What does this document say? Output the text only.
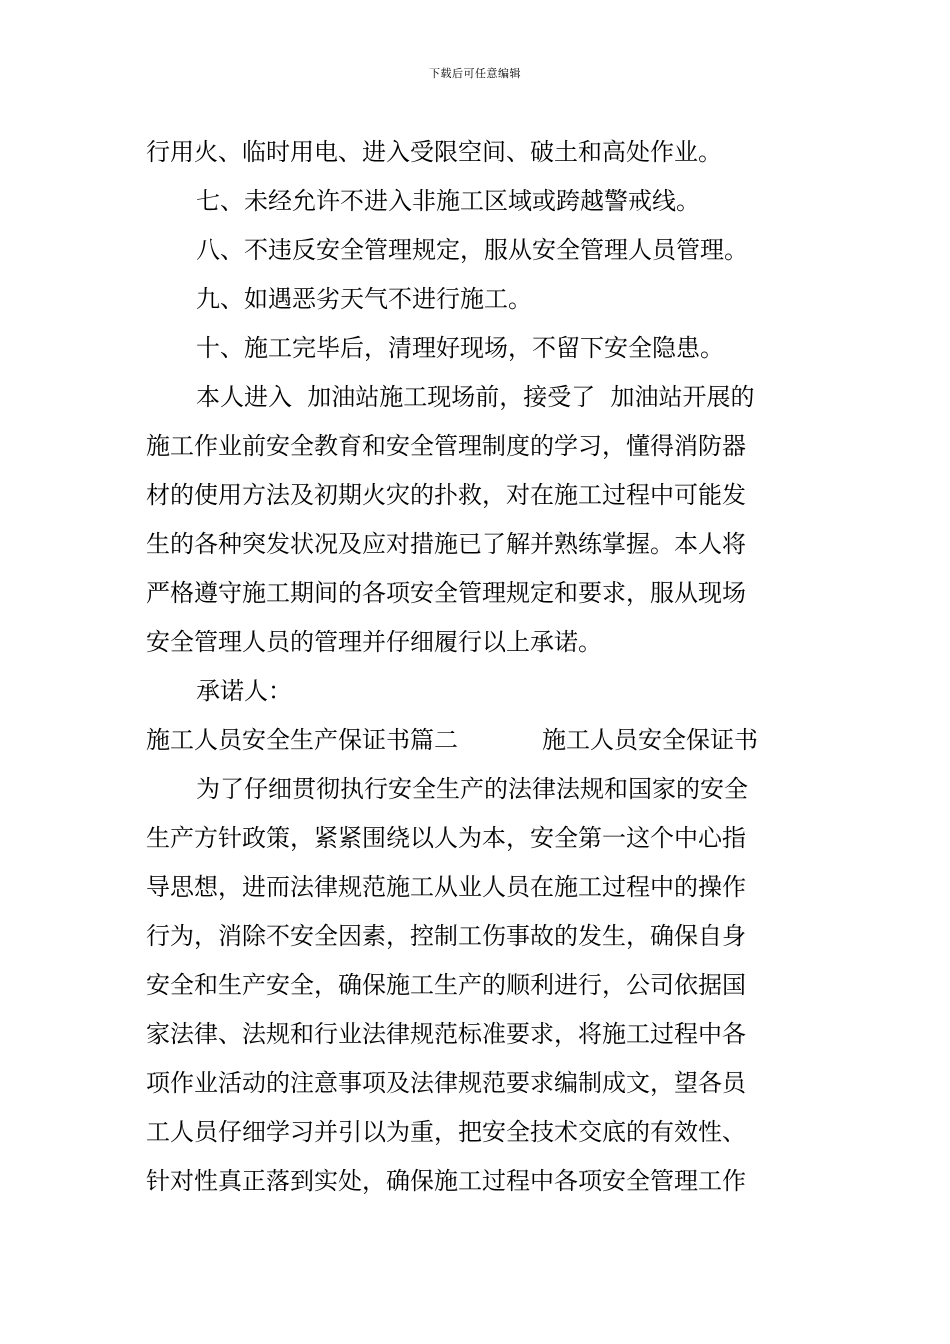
下载后可任意编辑
行用火、临时用电、进入受限空间、破土和高处作业。
七、未经允许不进入非施工区域或跨越警戒线。
八、不违反安全管理规定，服从安全管理人员管理。
九、如遇恶劣天气不进行施工。
十、施工完毕后，清理好现场，不留下安全隐患。
本人进入  加油站施工现场前，接受了  加油站开展的
施工作业前安全教育和安全管理制度的学习，懂得消防器
材的使用方法及初期火灾的扑救，对在施工过程中可能发
生的各种突发状况及应对措施已了解并熟练掌握。本人将
严格遵守施工期间的各项安全管理规定和要求，服从现场
安全管理人员的管理并仔细履行以上承诺。
承诺人：
施工人员安全生产保证书篇二	施工人员安全保证书
为了仔细贯彻执行安全生产的法律法规和国家的安全
生产方针政策，紧紧围绕以人为本，安全第一这个中心指
导思想，进而法律规范施工从业人员在施工过程中的操作
行为，消除不安全因素，控制工伤事故的发生，确保自身
安全和生产安全，确保施工生产的顺利进行，公司依据国
家法律、法规和行业法律规范标准要求，将施工过程中各
项作业活动的注意事项及法律规范要求编制成文，望各员
工人员仔细学习并引以为重，把安全技术交底的有效性、
针对性真正落到实处，确保施工过程中各项安全管理工作
